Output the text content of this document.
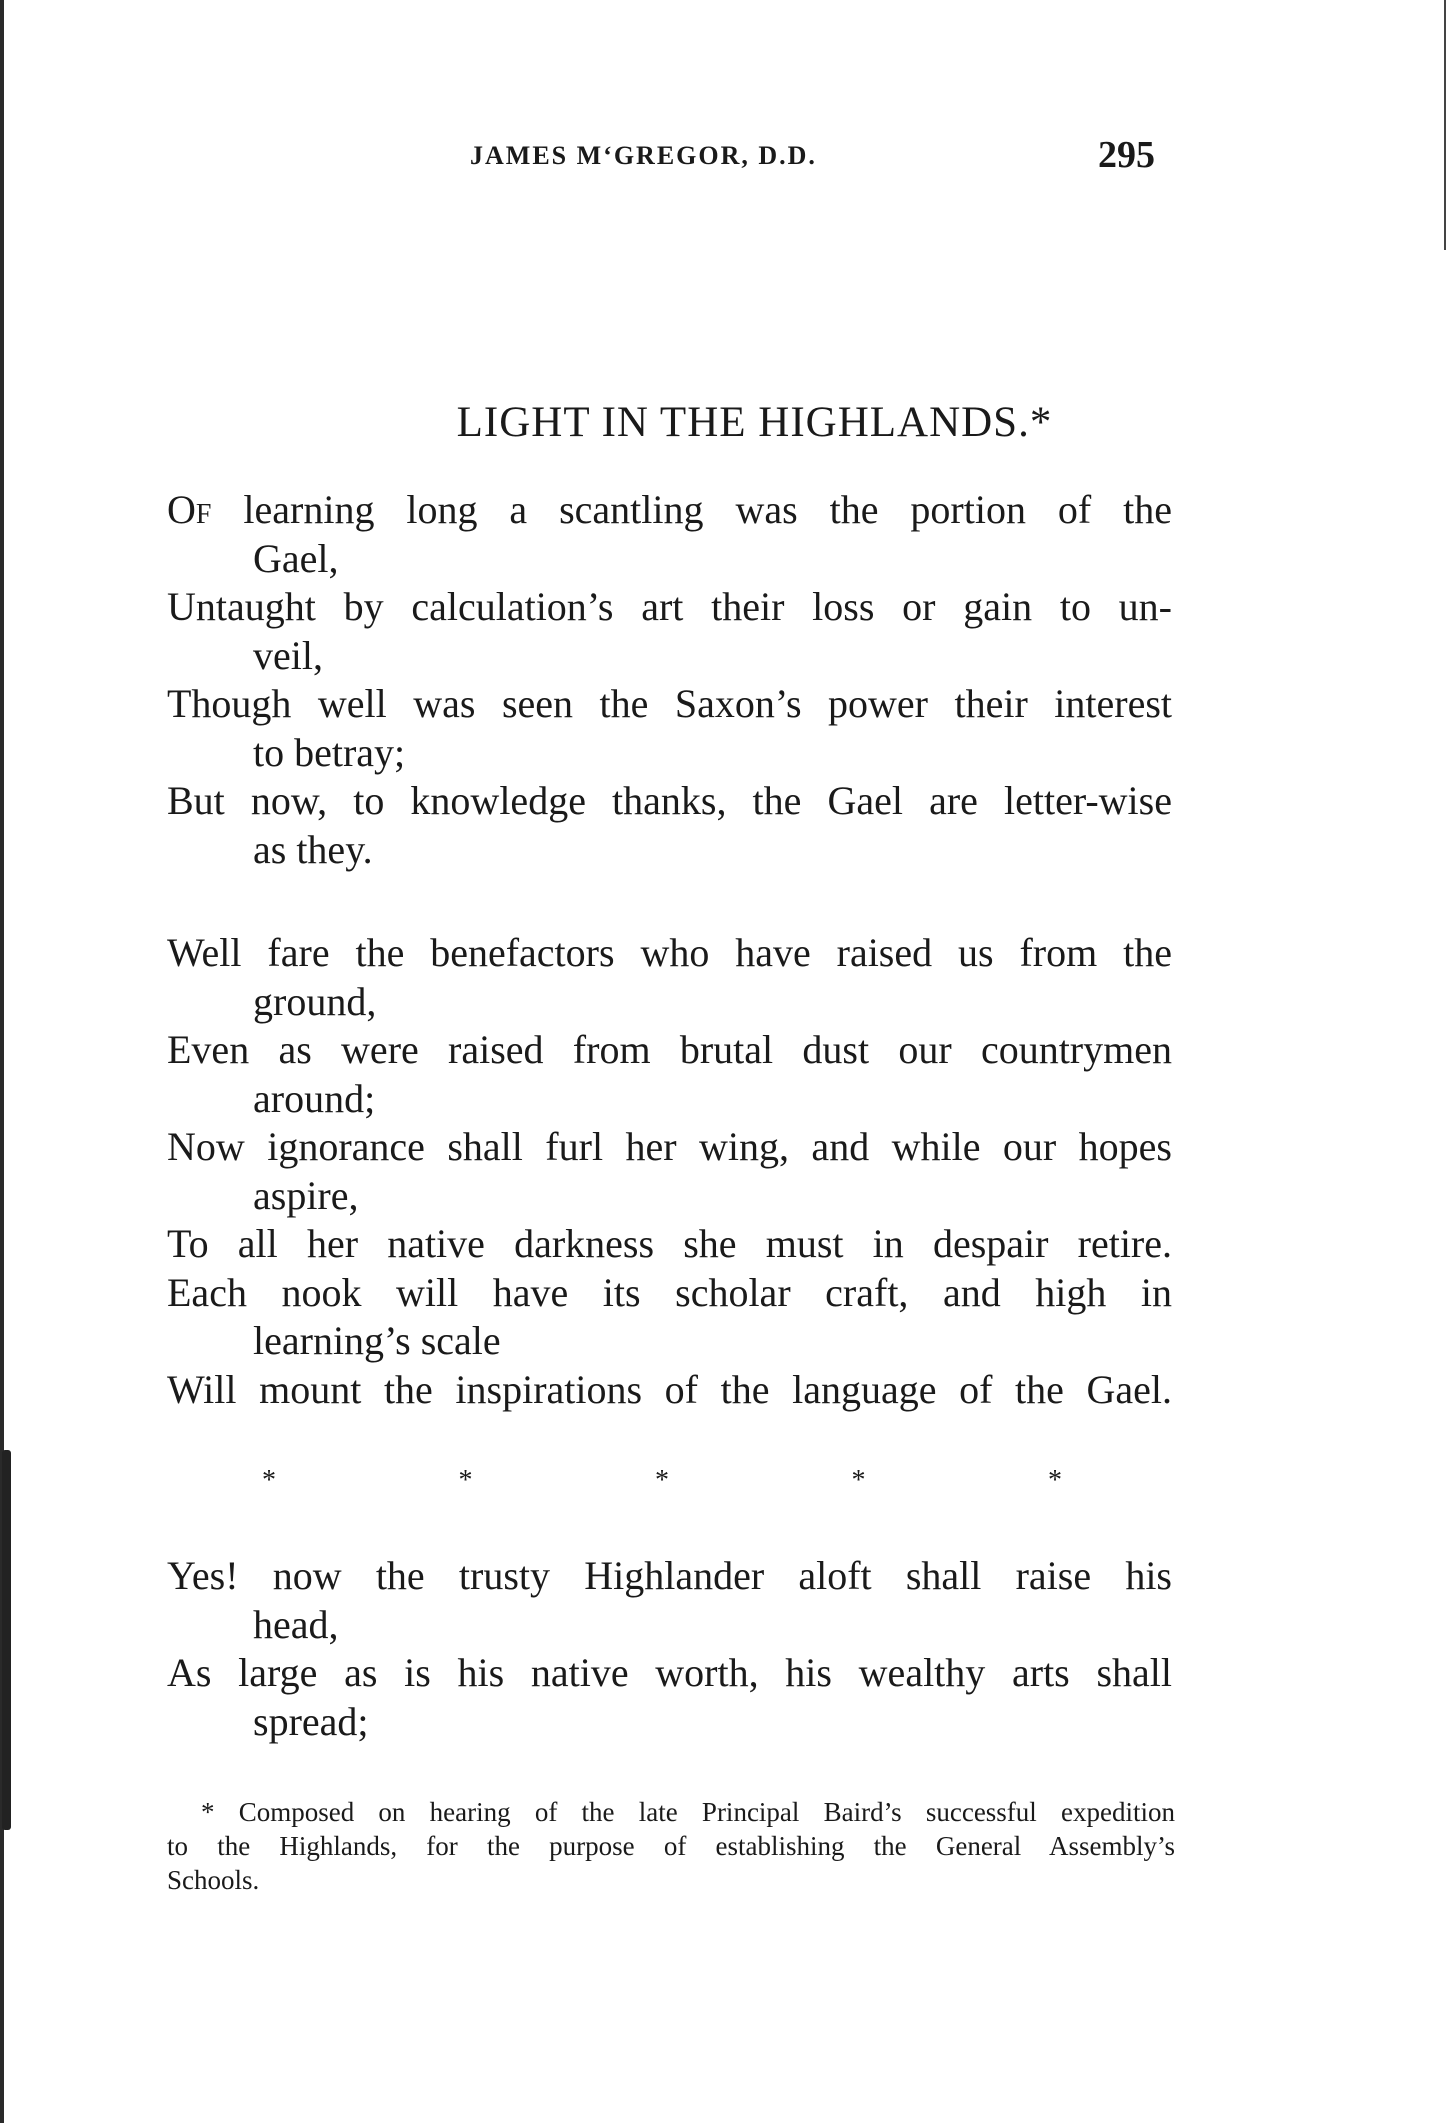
JAMES M‘GREGOR, D.D.	295
LIGHT IN THE HIGHLANDS.*
Of learning long a scantling was the portion of the
Gael,
Untaught by calculation’s art their loss or gain to un-
veil,
Though well was seen the Saxon’s power their interest
to betray;
But now, to knowledge thanks, the Gael are letter-wise
as they.
Well fare the benefactors who have raised us from the
ground,
Even as were raised from brutal dust our countrymen
around;
Now ignorance shall furl her wing, and while our hopes
aspire,
To all her native darkness she must in despair retire.
Each nook will have its scholar craft, and high in
learning’s scale
Will mount the inspirations of the language of the Gael.
*	*	*	*	*
Yes! now the trusty Highlander aloft shall raise his
head,
As large as is his native worth, his wealthy arts shall
spread;
* Composed on hearing of the late Principal Baird’s successful expedition
to the Highlands, for the purpose of establishing the General Assembly’s
Schools.
